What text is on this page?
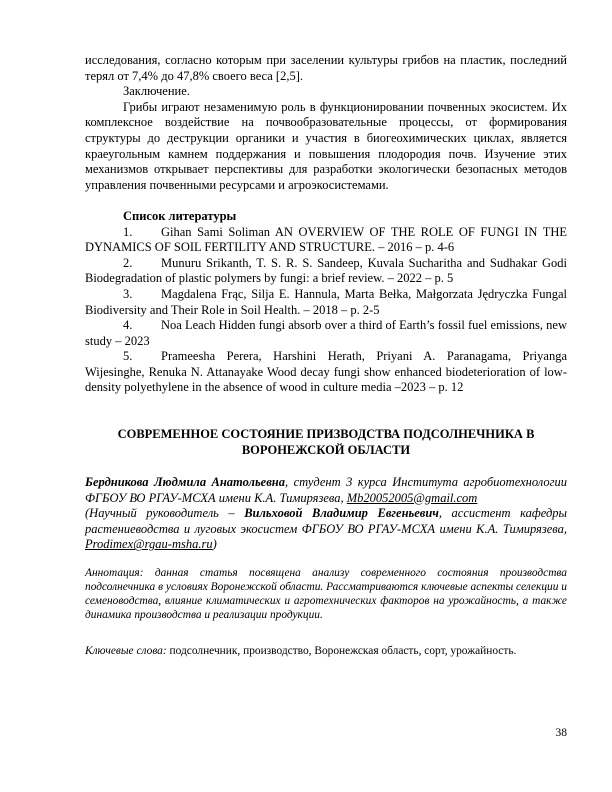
исследования, согласно которым при заселении культуры грибов на пластик, последний терял от 7,4% до 47,8% своего веса [2,5].

Заключение.

Грибы играют незаменимую роль в функционировании почвенных экосистем. Их комплексное воздействие на почвообразовательные процессы, от формирования структуры до деструкции органики и участия в биогеохимических циклах, является краеугольным камнем поддержания и повышения плодородия почв. Изучение этих механизмов открывает перспективы для разработки экологически безопасных методов управления почвенными ресурсами и агроэкосистемами.

Список литературы

1. Gihan Sami Soliman AN OVERVIEW OF THE ROLE OF FUNGI IN THE DYNAMICS OF SOIL FERTILITY AND STRUCTURE. – 2016 – p. 4-6

2. Munuru Srikanth, T. S. R. S. Sandeep, Kuvala Sucharitha and Sudhakar Godi Biodegradation of plastic polymers by fungi: a brief review. – 2022 – p. 5

3. Magdalena Frąc, Silja E. Hannula, Marta Bełka, Małgorzata Jędryczka Fungal Biodiversity and Their Role in Soil Health. – 2018 – p. 2-5

4. Noa Leach Hidden fungi absorb over a third of Earth’s fossil fuel emissions, new study – 2023

5. Prameesha Perera, Harshini Herath, Priyani A. Paranagama, Priyanga Wijesinghe, Renuka N. Attanayake Wood decay fungi show enhanced biodeterioration of low-density polyethylene in the absence of wood in culture media –2023 – p. 12

СОВРЕМЕННОЕ СОСТОЯНИЕ ПРИЗВОДСТВА ПОДСОЛНЕЧНИКА В ВОРОНЕЖСКОЙ ОБЛАСТИ

Бердникова Людмила Анатольевна, студент 3 курса Института агробиотехнологии ФГБОУ ВО РГАУ-МСХА имени К.А. Тимирязева, Mb20052005@gmail.com

(Научный руководитель – Вильховой Владимир Евгеньевич, ассистент кафедры растениеводства и луговых экосистем ФГБОУ ВО РГАУ-МСХА имени К.А. Тимирязева, Prodimex@rgau-msha.ru)

Аннотация: данная статья посвящена анализу современного состояния производства подсолнечника в условиях Воронежской области. Рассматриваются ключевые аспекты селекции и семеноводства, влияние климатических и агротехнических факторов на урожайность, а также динамика производства и реализации продукции.

Ключевые слова: подсолнечник, производство, Воронежская область, сорт, урожайность.

38
